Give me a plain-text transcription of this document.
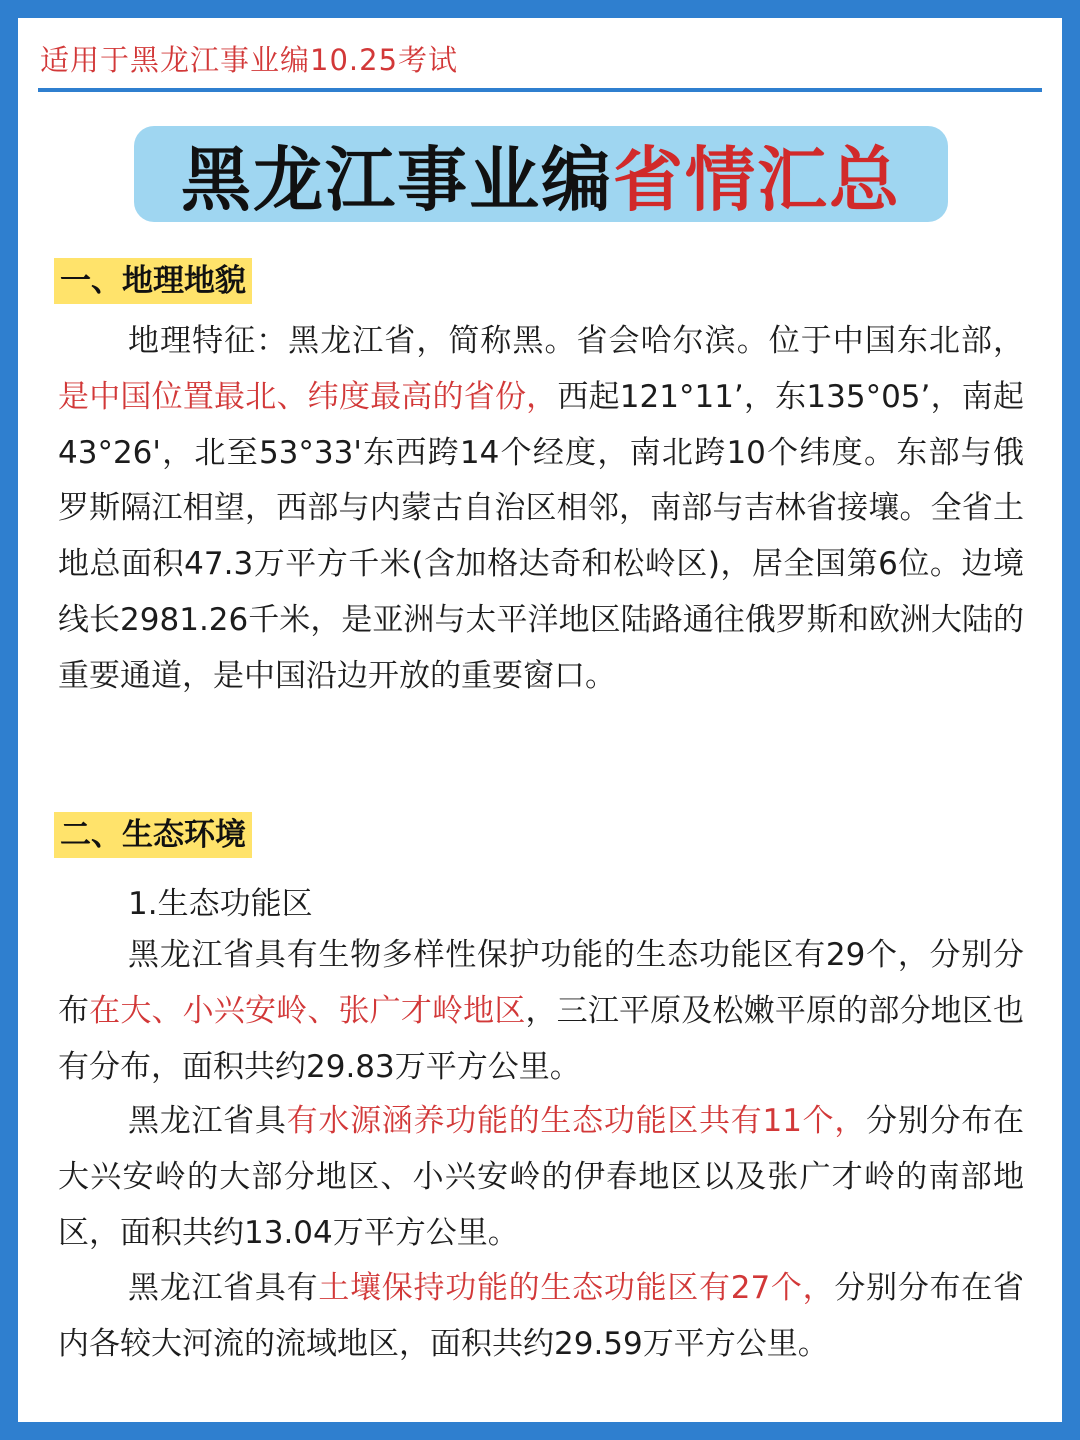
适用于黑龙江事业编10.25考试
黑龙江事业编 省情汇总
一、地理地貌

地理特征：黑龙江省，简称黑。省会哈尔滨。位于中国东北部，是中国位置最北、纬度最高的省份，西起121°11’，东135°05’，南起43°26'，北至53°33'东西跨14个经度，南北跨10个纬度。东部与俄罗斯隔江相望，西部与内蒙古自治区相邻，南部与吉林省接壤。全省土地总面积47.3万平方千米(含加格达奇和松岭区)，居全国第6位。边境线长2981.26千米，是亚洲与太平洋地区陆路通往俄罗斯和欧洲大陆的重要通道，是中国沿边开放的重要窗口。

二、生态环境
1.生态功能区

黑龙江省具有生物多样性保护功能的生态功能区有29个，分别分布在大、小兴安岭、张广才岭地区，三江平原及松嫩平原的部分地区也有分布，面积共约29.83万平方公里。

黑龙江省具有水源涵养功能的生态功能区共有11个，分别分布在大兴安岭的大部分地区、小兴安岭的伊春地区以及张广才岭的南部地区，面积共约13.04万平方公里。

黑龙江省具有土壤保持功能的生态功能区有27个，分别分布在省内各较大河流的流域地区，面积共约29.59万平方公里。
